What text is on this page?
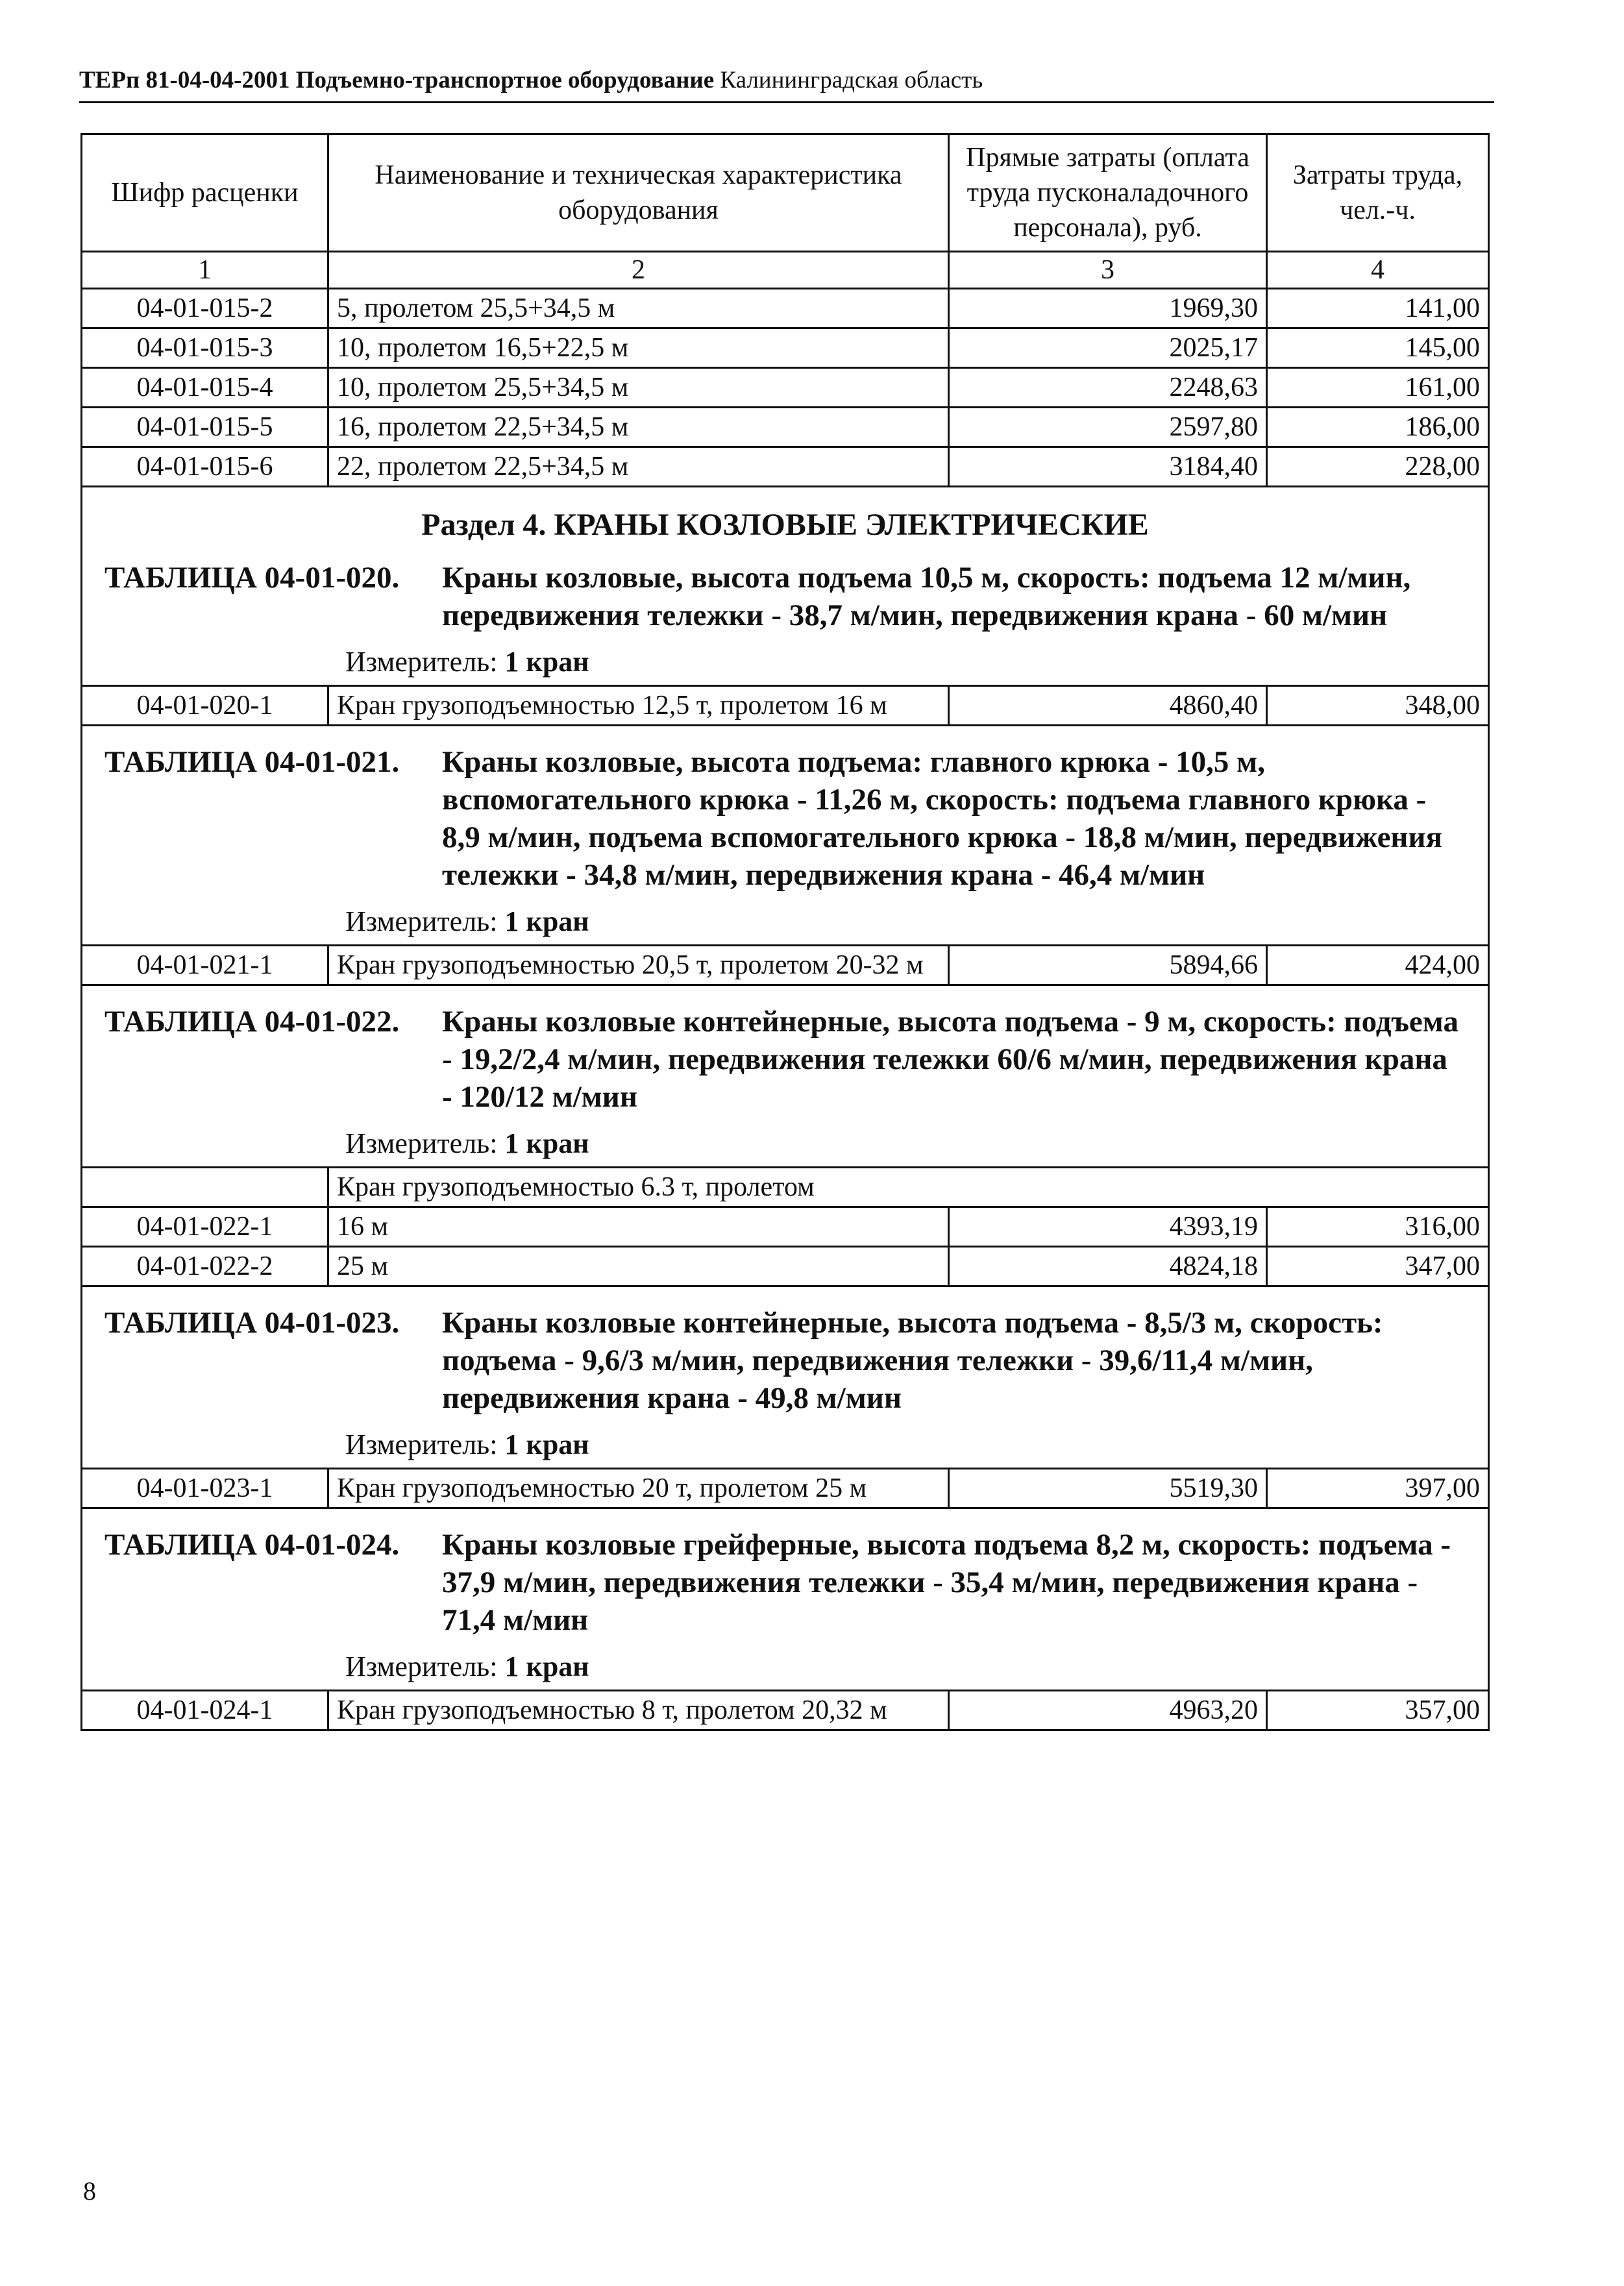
ТЕРп 81-04-04-2001 Подъемно-транспортное оборудование Калининградская область
Шифр расценки	Наименование и техническая характеристика оборудования	Прямые затраты (оплата труда пусконаладочного персонала), руб.	Затраты труда, чел.-ч.
1	2	3	4
04-01-015-2	5, пролетом 25,5+34,5 м	1969,30	141,00
04-01-015-3	10, пролетом 16,5+22,5 м	2025,17	145,00
04-01-015-4	10, пролетом 25,5+34,5 м	2248,63	161,00
04-01-015-5	16, пролетом 22,5+34,5 м	2597,80	186,00
04-01-015-6	22, пролетом 22,5+34,5 м	3184,40	228,00

Раздел 4. КРАНЫ КОЗЛОВЫЕ ЭЛЕКТРИЧЕСКИЕ
ТАБЛИЦА 04-01-020. Краны козловые, высота подъема 10,5 м, скорость: подъема 12 м/мин, передвижения тележки - 38,7 м/мин, передвижения крана - 60 м/мин
Измеритель: 1 кран			

04-01-020-1	Кран грузоподъемностью 12,5 т, пролетом 16 м	4860,40	348,00

ТАБЛИЦА 04-01-021. Краны козловые, высота подъема: главного крюка - 10,5 м, вспомогательного крюка - 11,26 м, скорость: подъема главного крюка - 8,9 м/мин, подъема вспомогательного крюка - 18,8 м/мин, передвижения тележки - 34,8 м/мин, передвижения крана - 46,4 м/мин
Измеритель: 1 кран			

04-01-021-1	Кран грузоподъемностью 20,5 т, пролетом 20-32 м	5894,66	424,00

ТАБЛИЦА 04-01-022. Краны козловые контейнерные, высота подъема - 9 м, скорость: подъема - 19,2/2,4 м/мин, передвижения тележки 60/6 м/мин, передвижения крана - 120/12 м/мин
Измеритель: 1 кран			

	Кран грузоподъемностыо 6.3 т, пролетом		
04-01-022-1	16 м	4393,19	316,00
04-01-022-2	25 м	4824,18	347,00

ТАБЛИЦА 04-01-023. Краны козловые контейнерные, высота подъема - 8,5/3 м, скорость: подъема - 9,6/3 м/мин, передвижения тележки - 39,6/11,4 м/мин, передвижения крана - 49,8 м/мин
Измеритель: 1 кран			

04-01-023-1	Кран грузоподъемностью 20 т, пролетом 25 м	5519,30	397,00

ТАБЛИЦА 04-01-024. Краны козловые грейферные, высота подъема 8,2 м, скорость: подъема - 37,9 м/мин, передвижения тележки - 35,4 м/мин, передвижения крана - 71,4 м/мин
Измеритель: 1 кран			

04-01-024-1	Кран грузоподъемностью 8 т, пролетом 20,32 м	4963,20	357,00
8
